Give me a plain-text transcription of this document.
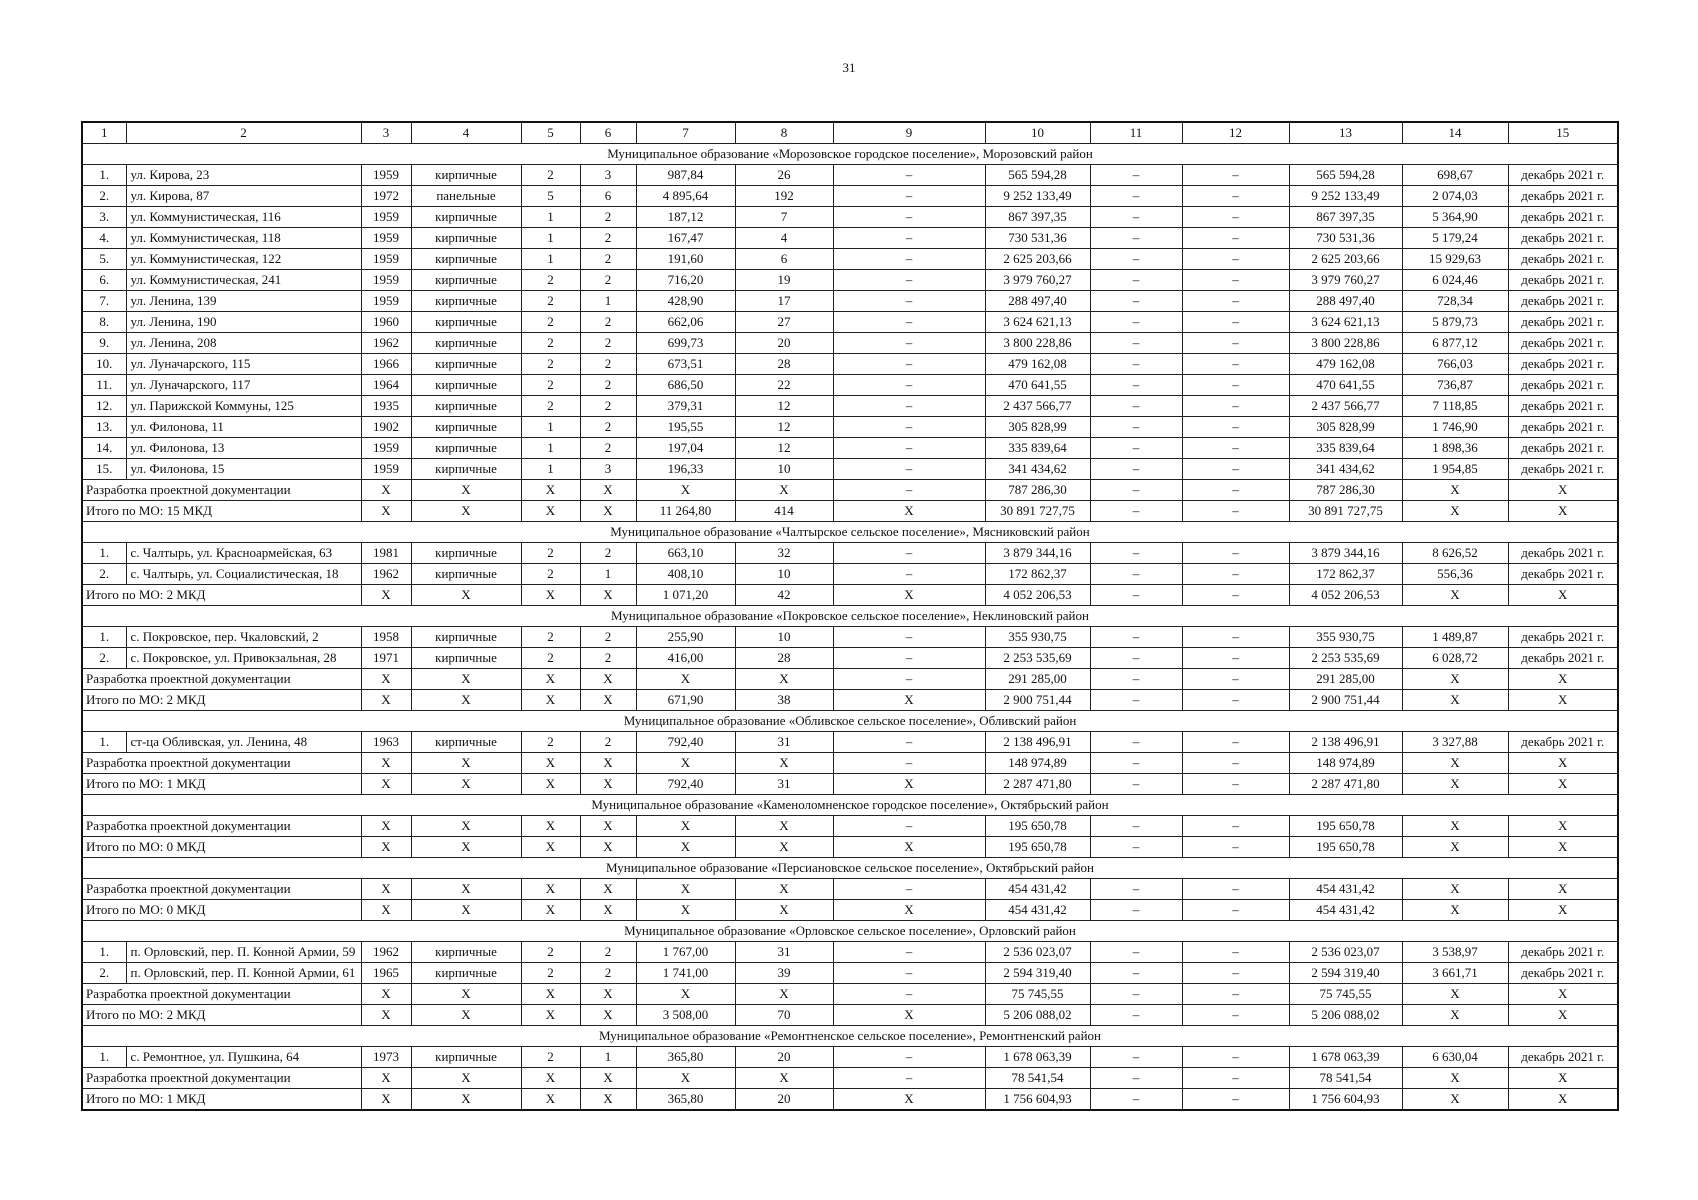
31
1	2	3	4	5	6	7	8	9	10	11	12	13	14	15
Муниципальное образование «Морозовское городское поселение», Морозовский район														
1.	ул. Кирова, 23	1959	кирпичные	2	3	987,84	26	–	565 594,28	–	–	565 594,28	698,67	декабрь 2021 г.
2.	ул. Кирова, 87	1972	панельные	5	6	4 895,64	192	–	9 252 133,49	–	–	9 252 133,49	2 074,03	декабрь 2021 г.
3.	ул. Коммунистическая, 116	1959	кирпичные	1	2	187,12	7	–	867 397,35	–	–	867 397,35	5 364,90	декабрь 2021 г.
4.	ул. Коммунистическая, 118	1959	кирпичные	1	2	167,47	4	–	730 531,36	–	–	730 531,36	5 179,24	декабрь 2021 г.
5.	ул. Коммунистическая, 122	1959	кирпичные	1	2	191,60	6	–	2 625 203,66	–	–	2 625 203,66	15 929,63	декабрь 2021 г.
6.	ул. Коммунистическая, 241	1959	кирпичные	2	2	716,20	19	–	3 979 760,27	–	–	3 979 760,27	6 024,46	декабрь 2021 г.
7.	ул. Ленина, 139	1959	кирпичные	2	1	428,90	17	–	288 497,40	–	–	288 497,40	728,34	декабрь 2021 г.
8.	ул. Ленина, 190	1960	кирпичные	2	2	662,06	27	–	3 624 621,13	–	–	3 624 621,13	5 879,73	декабрь 2021 г.
9.	ул. Ленина, 208	1962	кирпичные	2	2	699,73	20	–	3 800 228,86	–	–	3 800 228,86	6 877,12	декабрь 2021 г.
10.	ул. Луначарского, 115	1966	кирпичные	2	2	673,51	28	–	479 162,08	–	–	479 162,08	766,03	декабрь 2021 г.
11.	ул. Луначарского, 117	1964	кирпичные	2	2	686,50	22	–	470 641,55	–	–	470 641,55	736,87	декабрь 2021 г.
12.	ул. Парижской Коммуны, 125	1935	кирпичные	2	2	379,31	12	–	2 437 566,77	–	–	2 437 566,77	7 118,85	декабрь 2021 г.
13.	ул. Филонова, 11	1902	кирпичные	1	2	195,55	12	–	305 828,99	–	–	305 828,99	1 746,90	декабрь 2021 г.
14.	ул. Филонова, 13	1959	кирпичные	1	2	197,04	12	–	335 839,64	–	–	335 839,64	1 898,36	декабрь 2021 г.
15.	ул. Филонова, 15	1959	кирпичные	1	3	196,33	10	–	341 434,62	–	–	341 434,62	1 954,85	декабрь 2021 г.
Разработка проектной документации		X	X	X	X	X	X	–	787 286,30	–	–	787 286,30	X	X
Итого по МО: 15 МКД		X	X	X	X	11 264,80	414	X	30 891 727,75	–	–	30 891 727,75	X	X
Муниципальное образование «Чалтырское сельское поселение», Мясниковский район														
1.	с. Чалтырь, ул. Красноармейская, 63	1981	кирпичные	2	2	663,10	32	–	3 879 344,16	–	–	3 879 344,16	8 626,52	декабрь 2021 г.
2.	с. Чалтырь, ул. Социалистическая, 18	1962	кирпичные	2	1	408,10	10	–	172 862,37	–	–	172 862,37	556,36	декабрь 2021 г.
Итого по МО: 2 МКД		X	X	X	X	1 071,20	42	X	4 052 206,53	–	–	4 052 206,53	X	X
Муниципальное образование «Покровское сельское поселение», Неклиновский район														
1.	с. Покровское, пер. Чкаловский, 2	1958	кирпичные	2	2	255,90	10	–	355 930,75	–	–	355 930,75	1 489,87	декабрь 2021 г.
2.	с. Покровское, ул. Привокзальная, 28	1971	кирпичные	2	2	416,00	28	–	2 253 535,69	–	–	2 253 535,69	6 028,72	декабрь 2021 г.
Разработка проектной документации		X	X	X	X	X	X	–	291 285,00	–	–	291 285,00	X	X
Итого по МО: 2 МКД		X	X	X	X	671,90	38	X	2 900 751,44	–	–	2 900 751,44	X	X
Муниципальное образование «Обливское сельское поселение», Обливский район														
1.	ст-ца Обливская, ул. Ленина, 48	1963	кирпичные	2	2	792,40	31	–	2 138 496,91	–	–	2 138 496,91	3 327,88	декабрь 2021 г.
Разработка проектной документации		X	X	X	X	X	X	–	148 974,89	–	–	148 974,89	X	X
Итого по МО: 1 МКД		X	X	X	X	792,40	31	X	2 287 471,80	–	–	2 287 471,80	X	X
Муниципальное образование «Каменоломненское городское поселение», Октябрьский район														
Разработка проектной документации		X	X	X	X	X	X	–	195 650,78	–	–	195 650,78	X	X
Итого по МО: 0 МКД		X	X	X	X	X	X	X	195 650,78	–	–	195 650,78	X	X
Муниципальное образование «Персиановское сельское поселение», Октябрьский район														
Разработка проектной документации		X	X	X	X	X	X	–	454 431,42	–	–	454 431,42	X	X
Итого по МО: 0 МКД		X	X	X	X	X	X	X	454 431,42	–	–	454 431,42	X	X
Муниципальное образование «Орловское сельское поселение», Орловский район														
1.	п. Орловский, пер. П. Конной Армии, 59	1962	кирпичные	2	2	1 767,00	31	–	2 536 023,07	–	–	2 536 023,07	3 538,97	декабрь 2021 г.
2.	п. Орловский, пер. П. Конной Армии, 61	1965	кирпичные	2	2	1 741,00	39	–	2 594 319,40	–	–	2 594 319,40	3 661,71	декабрь 2021 г.
Разработка проектной документации		X	X	X	X	X	X	–	75 745,55	–	–	75 745,55	X	X
Итого по МО: 2 МКД		X	X	X	X	3 508,00	70	X	5 206 088,02	–	–	5 206 088,02	X	X
Муниципальное образование «Ремонтненское сельское поселение», Ремонтненский район														
1.	с. Ремонтное, ул. Пушкина, 64	1973	кирпичные	2	1	365,80	20	–	1 678 063,39	–	–	1 678 063,39	6 630,04	декабрь 2021 г.
Разработка проектной документации		X	X	X	X	X	X	–	78 541,54	–	–	78 541,54	X	X
Итого по МО: 1 МКД		X	X	X	X	365,80	20	X	1 756 604,93	–	–	1 756 604,93	X	X
